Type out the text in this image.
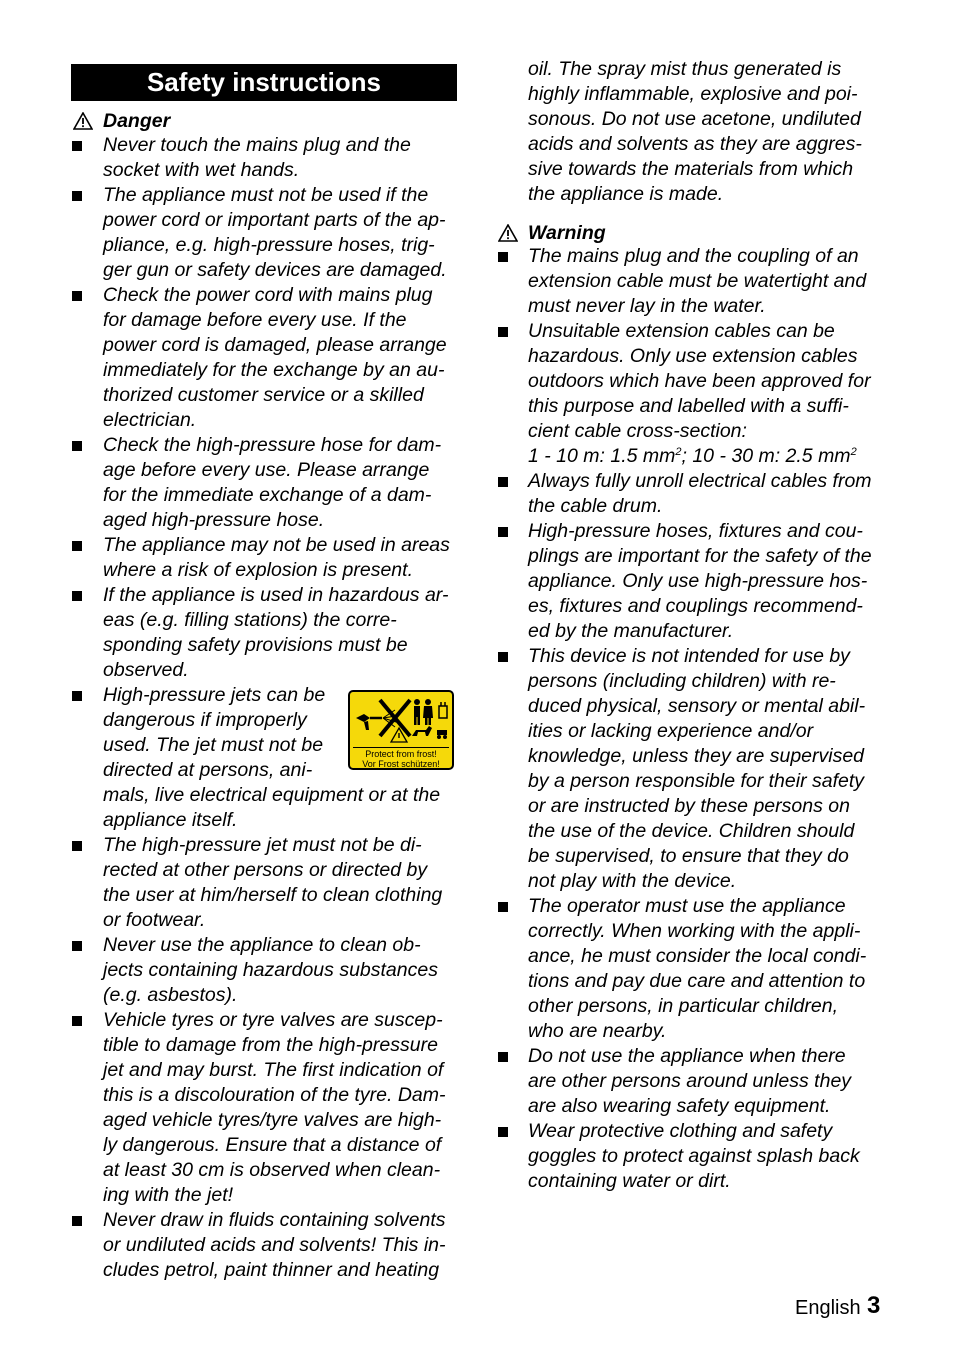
Safety instructions
Danger
Never touch the mains plug and the
socket with wet hands.
The appliance must not be used if the
power cord or important parts of the ap-
pliance, e.g. high-pressure hoses, trig-
ger gun or safety devices are damaged.
Check the power cord with mains plug
for damage before every use. If the
power cord is damaged, please arrange
immediately for the exchange by an au-
thorized customer service or a skilled
electrician.
Check the high-pressure hose for dam-
age before every use. Please arrange
for the immediate exchange of a dam-
aged high-pressure hose.
The appliance may not be used in areas
where a risk of explosion is present.
If the appliance is used in hazardous ar-
eas (e.g. filling stations) the corre-
sponding safety provisions must be
observed.
High-pressure jets can be
dangerous if improperly
used. The jet must not be
directed at persons, ani-
mals, live electrical equipment or at the
appliance itself.
The high-pressure jet must not be di-
rected at other persons or directed by
the user at him/herself to clean clothing
or footwear.
Never use the appliance to clean ob-
jects containing hazardous substances
(e.g. asbestos).
Vehicle tyres or tyre valves are suscep-
tible to damage from the high-pressure
jet and may burst. The first indication of
this is a discolouration of the tyre. Dam-
aged vehicle tyres/tyre valves are high-
ly dangerous. Ensure that a distance of
at least 30 cm is observed when clean-
ing with the jet!
Never draw in fluids containing solvents
or undiluted acids and solvents! This in-
cludes petrol, paint thinner and heating
Warning
The mains plug and the coupling of an
extension cable must be watertight and
must never lay in the water.
Unsuitable extension cables can be
hazardous. Only use extension cables
outdoors which have been approved for
this purpose and labelled with a suffi-
cient cable cross-section:
Always fully unroll electrical cables from
the cable drum.
High-pressure hoses, fixtures and cou-
plings are important for the safety of the
appliance. Only use high-pressure hos-
es, fixtures and couplings recommend-
ed by the manufacturer.
This device is not intended for use by
persons (including children) with re-
duced physical, sensory or mental abil-
ities or lacking experience and/or
knowledge, unless they are supervised
by a person responsible for their safety
or are instructed by these persons on
the use of the device. Children should
be supervised, to ensure that they do
not play with the device.
The operator must use the appliance
correctly. When working with the appli-
ance, he must consider the local condi-
tions and pay due care and attention to
other persons, in particular children,
who are nearby.
Do not use the appliance when there
are other persons around unless they
are also wearing safety equipment.
Wear protective clothing and safety
goggles to protect against splash back
containing water or dirt.
oil. The spray mist thus generated is
highly inflammable, explosive and poi-
sonous. Do not use acetone, undiluted
acids and solvents as they are aggres-
sive towards the materials from which
the appliance is made.
1 - 10 m: 1.5 $mm^2$; 10 - 30 m: 2.5 $mm^2$
Protect from frost!
Vor Frost schützen!
English 3
